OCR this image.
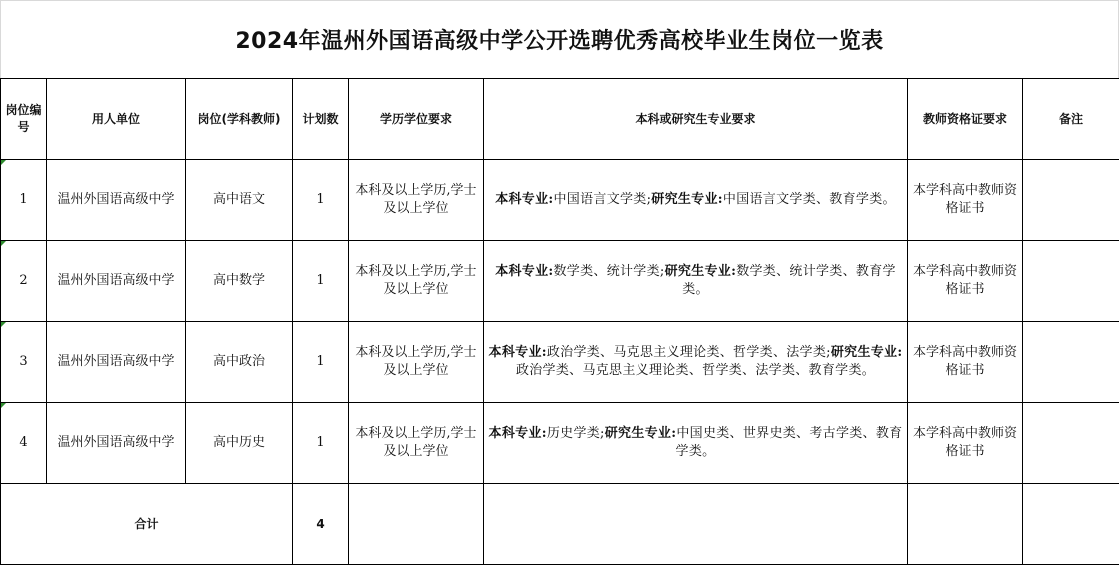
2024年温州外国语高级中学公开选聘优秀高校毕业生岗位一览表
岗位编号	用人单位	岗位(学科教师)	计划数	学历学位要求	本科或研究生专业要求	教师资格证要求	备注
1	温州外国语高级中学	高中语文	1	本科及以上学历,学士及以上学位	本科专业:中国语言文学类;研究生专业:中国语言文学类、教育学类。	本学科高中教师资格证书	
2	温州外国语高级中学	高中数学	1	本科及以上学历,学士及以上学位	本科专业:数学类、统计学类;研究生专业:数学类、统计学类、教育学类。	本学科高中教师资格证书	
3	温州外国语高级中学	高中政治	1	本科及以上学历,学士及以上学位	本科专业:政治学类、马克思主义理论类、哲学类、法学类;研究生专业:政治学类、马克思主义理论类、哲学类、法学类、教育学类。	本学科高中教师资格证书	
4	温州外国语高级中学	高中历史	1	本科及以上学历,学士及以上学位	本科专业:历史学类;研究生专业:中国史类、世界史类、考古学类、教育学类。	本学科高中教师资格证书	
合计			4				
